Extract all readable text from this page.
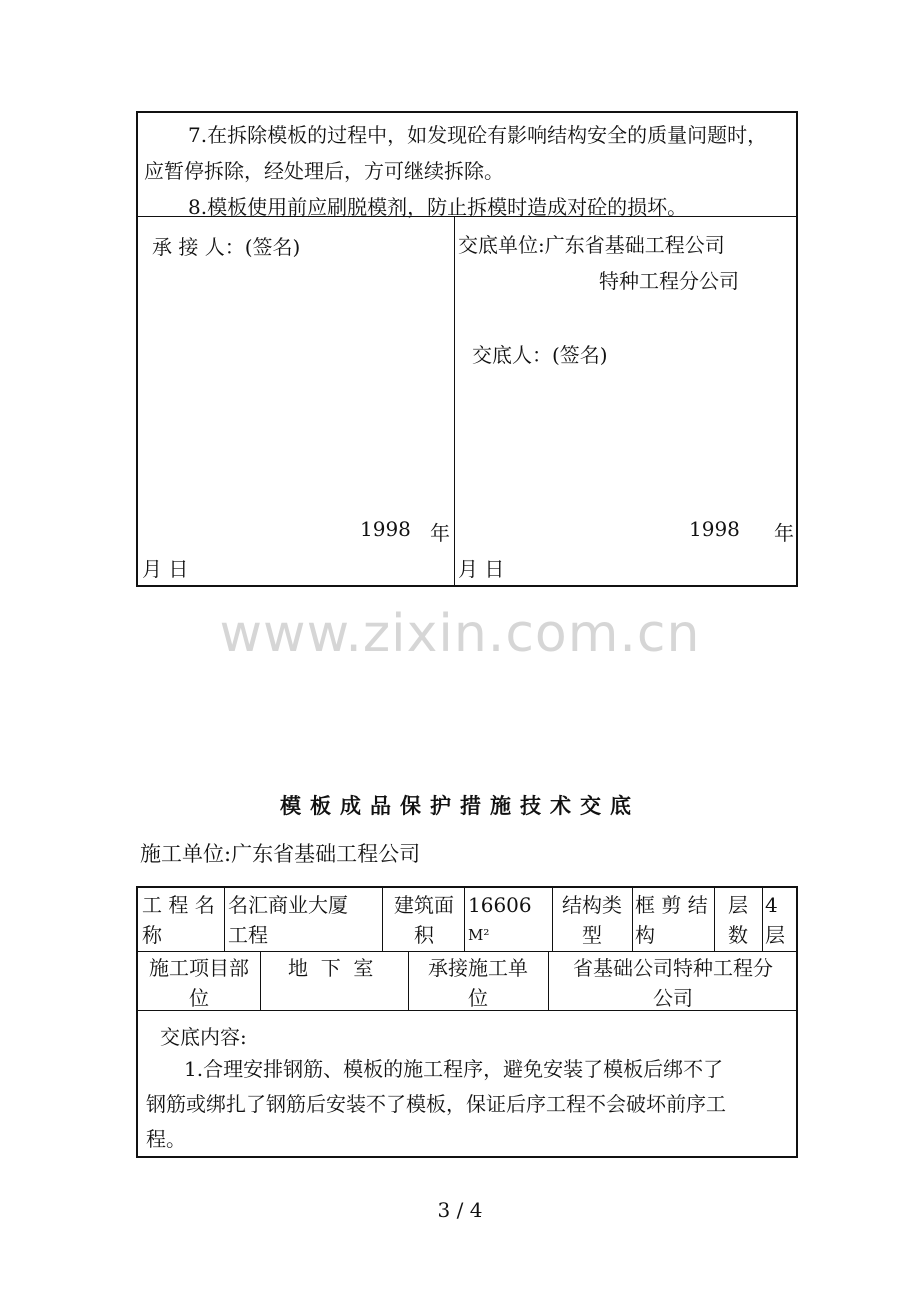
7.在拆除模板的过程中，如发现砼有影响结构安全的质量问题时，

应暂停拆除，经处理后，方可继续拆除。

8.模板使用前应刷脱模剂，防止拆模时造成对砼的损坏。

承 接 人：(签名)
1998 年
月 日
交底单位:广东省基础工程公司
特种工程分公司
交底人：(签名)
1998 年
月 日
www.zixin.com.cn
模板成品保护措施技术交底
施工单位:广东省基础工程公司
工 程 名
称
名汇商业大厦
工程
建筑面
积
16606
M²
结构类
型
框 剪 结
构
层
数
4
层
施工项目部
位
地  下  室	承接施工单
位
省基础公司特种工程分
公司

交底内容:

1.合理安排钢筋、模板的施工程序，避免安装了模板后绑不了

钢筋或绑扎了钢筋后安装不了模板，保证后序工程不会破坏前序工

程。

3 / 4
